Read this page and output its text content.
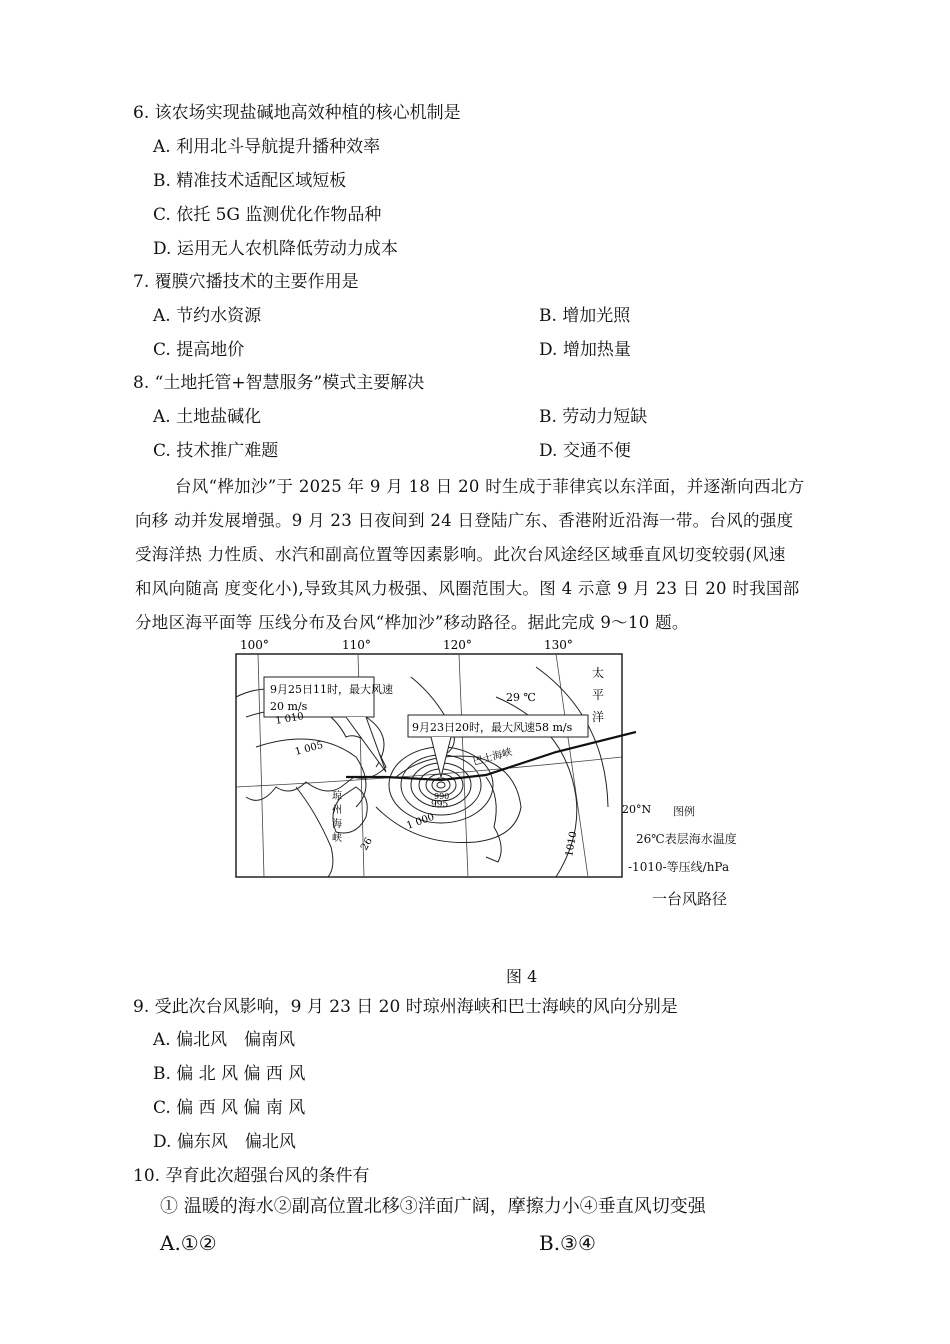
6. 该农场实现盐碱地高效种植的核心机制是
A. 利用北斗导航提升播种效率
B. 精准技术适配区域短板
C. 依托 5G 监测优化作物品种
D. 运用无人农机降低劳动力成本
7. 覆膜穴播技术的主要作用是
A. 节约水资源	B. 增加光照
C. 提高地价	D. 增加热量
8. “土地托管+智慧服务”模式主要解决
A. 土地盐碱化	B. 劳动力短缺
C. 技术推广难题	D. 交通不便
台风“桦加沙”于 2025 年 9 月 18 日 20 时生成于菲律宾以东洋面，并逐渐向西北方
向移 动并发展增强。9 月 23 日夜间到 24 日登陆广东、香港附近沿海一带。台风的强度
受海洋热 力性质、水汽和副高位置等因素影响。此次台风途经区域垂直风切变较弱(风速
和风向随高 度变化小),导致其风力极强、风圈范围大。图 4 示意 9 月 23 日 20 时我国部
分地区海平面等 压线分布及台风“桦加沙”移动路径。据此完成 9～10 题。
100°	110°	120°	130°
9月25日11时，最大风速
20 m/s
9月23日20时，最大风速58 m/s
29 ℃
太
平
洋
琼
州
海
峡
巴士海峡
1 010
1 005
1 000
995
990
1010
26
20°N 图例
26℃表层海水温度
-1010-等压线/hPa
一台风路径
图 4
9. 受此次台风影响，9 月 23 日 20 时琼州海峡和巴士海峡的风向分别是
A. 偏北风　偏南风
B. 偏 北 风 偏 西 风
C. 偏 西 风 偏 南 风
D. 偏东风　偏北风
10. 孕育此次超强台风的条件有
① 温暖的海水②副高位置北移③洋面广阔，摩擦力小④垂直风切变强
A.①②	B.③④
